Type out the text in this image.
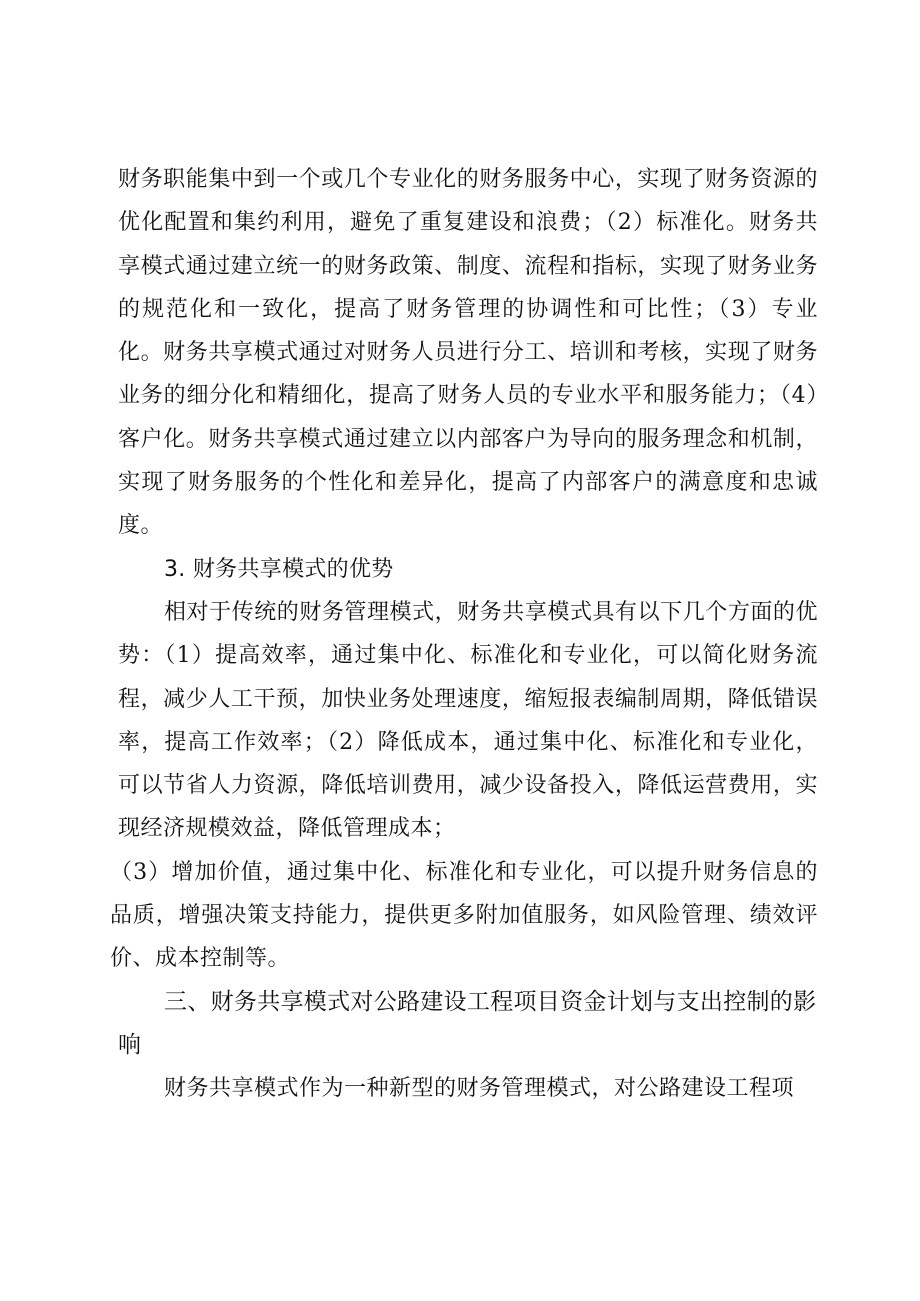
财务职能集中到一个或几个专业化的财务服务中心，实现了财务资源的优化配置和集约利用，避免了重复建设和浪费；（2）标准化。财务共享模式通过建立统一的财务政策、制度、流程和指标，实现了财务业务的规范化和一致化，提高了财务管理的协调性和可比性；（3）专业化。财务共享模式通过对财务人员进行分工、培训和考核，实现了财务业务的细分化和精细化，提高了财务人员的专业水平和服务能力；（4）客户化。财务共享模式通过建立以内部客户为导向的服务理念和机制，实现了财务服务的个性化和差异化，提高了内部客户的满意度和忠诚度。

3. 财务共享模式的优势

相对于传统的财务管理模式，财务共享模式具有以下几个方面的优势：（1）提高效率，通过集中化、标准化和专业化，可以简化财务流程，减少人工干预，加快业务处理速度，缩短报表编制周期，降低错误率，提高工作效率；（2）降低成本，通过集中化、标准化和专业化，可以节省人力资源，降低培训费用，减少设备投入，降低运营费用，实现经济规模效益，降低管理成本；

（3）增加价值，通过集中化、标准化和专业化，可以提升财务信息的品质，增强决策支持能力，提供更多附加值服务，如风险管理、绩效评价、成本控制等。

三、财务共享模式对公路建设工程项目资金计划与支出控制的影响

财务共享模式作为一种新型的财务管理模式，对公路建设工程项
